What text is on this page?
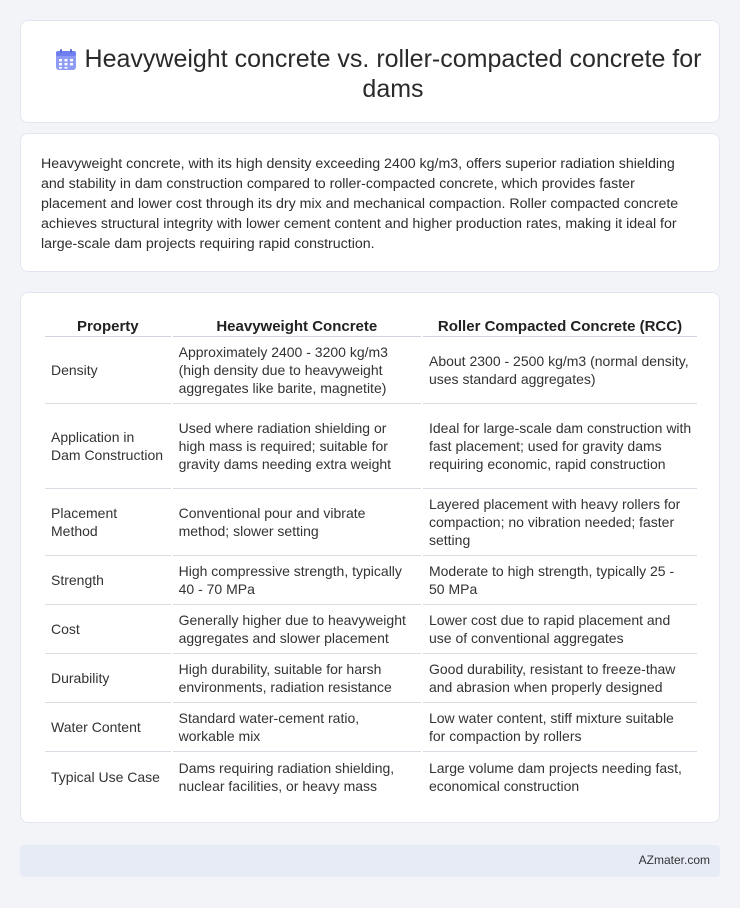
Heavyweight concrete vs. roller-compacted concrete for dams

Heavyweight concrete, with its high density exceeding 2400 kg/m3, offers superior radiation shielding and stability in dam construction compared to roller-compacted concrete, which provides faster placement and lower cost through its dry mix and mechanical compaction. Roller compacted concrete achieves structural integrity with lower cement content and higher production rates, making it ideal for large-scale dam projects requiring rapid construction.

Property	Heavyweight Concrete	Roller Compacted Concrete (RCC)
Density	Approximately 2400 - 3200 kg/m3 (high density due to heavyweight aggregates like barite, magnetite)	About 2300 - 2500 kg/m3 (normal density, uses standard aggregates)
Application in Dam Construction	Used where radiation shielding or high mass is required; suitable for gravity dams needing extra weight	Ideal for large-scale dam construction with fast placement; used for gravity dams requiring economic, rapid construction
Placement Method	Conventional pour and vibrate method; slower setting	Layered placement with heavy rollers for compaction; no vibration needed; faster setting
Strength	High compressive strength, typically 40 - 70 MPa	Moderate to high strength, typically 25 - 50 MPa
Cost	Generally higher due to heavyweight aggregates and slower placement	Lower cost due to rapid placement and use of conventional aggregates
Durability	High durability, suitable for harsh environments, radiation resistance	Good durability, resistant to freeze-thaw and abrasion when properly designed
Water Content	Standard water-cement ratio, workable mix	Low water content, stiff mixture suitable for compaction by rollers
Typical Use Case	Dams requiring radiation shielding, nuclear facilities, or heavy mass	Large volume dam projects needing fast, economical construction
AZmater.com
